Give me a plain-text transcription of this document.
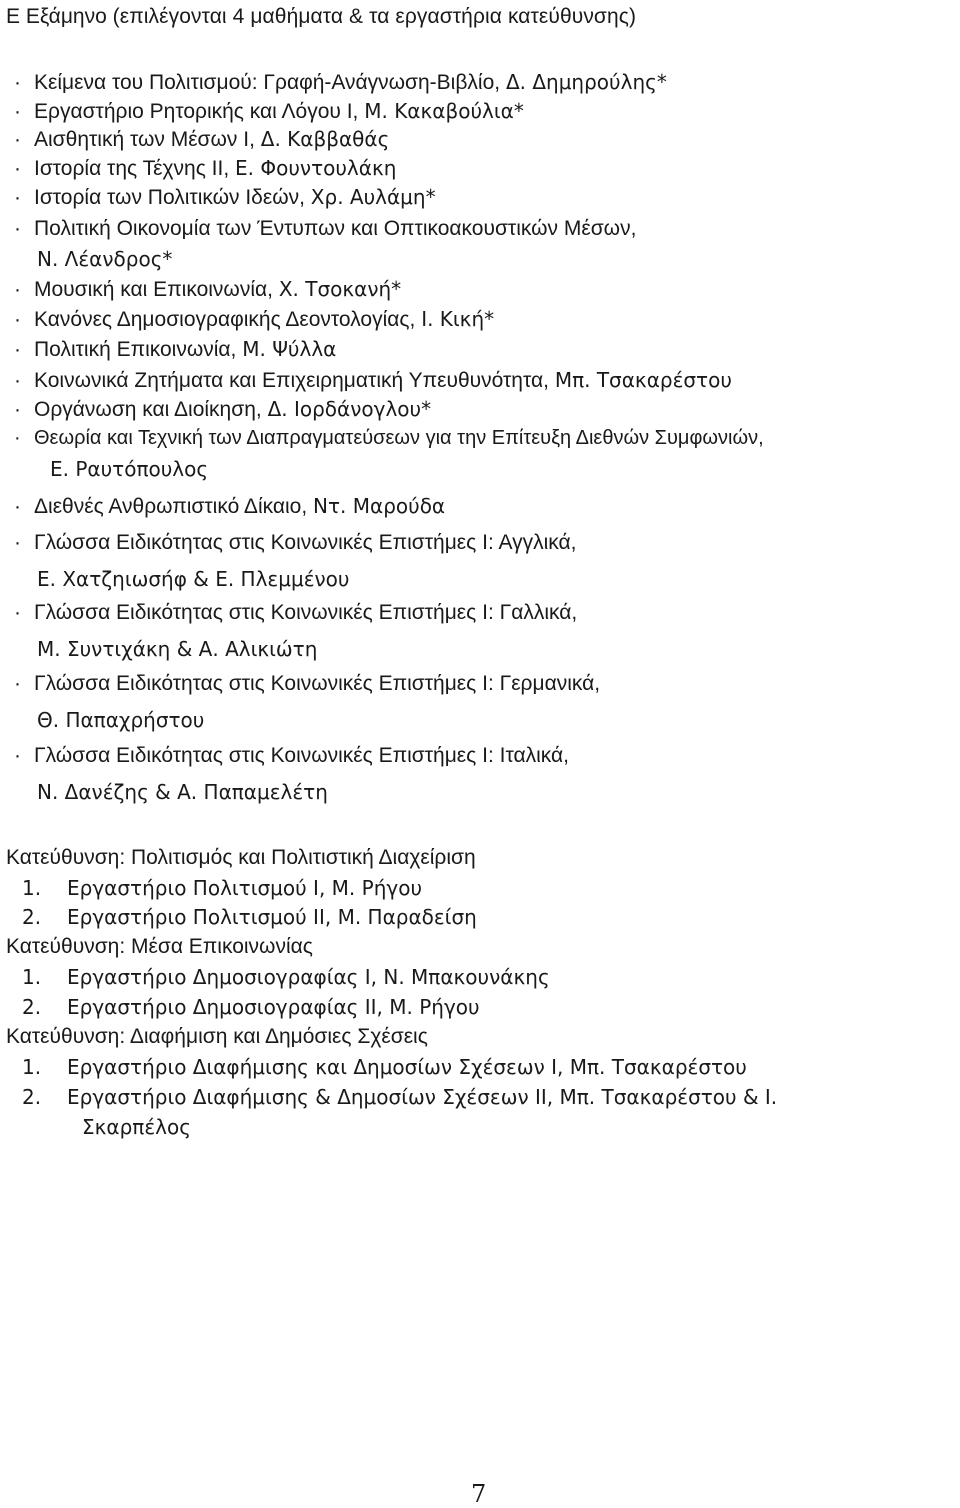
Ε Εξάμηνο (επιλέγονται 4 μαθήματα & τα εργαστήρια κατεύθυνσης)
· Κείμενα του Πολιτισμού: Γραφή-Ανάγνωση-Βιβλίο, Δ. Δημηρούλης*
· Εργαστήριο Ρητορικής και Λόγου Ι, Μ. Κακαβούλια*
· Αισθητική των Μέσων Ι, Δ. Καββαθάς
· Ιστορία της Τέχνης ΙΙ, Ε. Φουντουλάκη
· Ιστορία των Πολιτικών Ιδεών, Χρ. Αυλάμη*
· Πολιτική Οικονομία των Έντυπων και Οπτικοακουστικών Μέσων,
Ν. Λέανδρος*
· Μουσική και Επικοινωνία, Χ. Τσοκανή*
· Κανόνες Δημοσιογραφικής Δεοντολογίας, Ι. Κική*
· Πολιτική Επικοινωνία, Μ. Ψύλλα
· Κοινωνικά Ζητήματα και Επιχειρηματική Υπευθυνότητα, Μπ. Τσακαρέστου
· Οργάνωση και Διοίκηση, Δ. Ιορδάνογλου*
· Θεωρία και Τεχνική των Διαπραγματεύσεων για την Επίτευξη Διεθνών Συμφωνιών,
Ε. Ραυτόπουλος
· Διεθνές Ανθρωπιστικό Δίκαιο, Ντ. Μαρούδα
· Γλώσσα Ειδικότητας στις Κοινωνικές Επιστήμες Ι: Αγγλικά,
Ε. Χατζηιωσήφ & Ε. Πλεμμένου
· Γλώσσα Ειδικότητας στις Κοινωνικές Επιστήμες Ι: Γαλλικά,
Μ. Συντιχάκη & Α. Αλικιώτη
· Γλώσσα Ειδικότητας στις Κοινωνικές Επιστήμες Ι: Γερμανικά,
Θ. Παπαχρήστου
· Γλώσσα Ειδικότητας στις Κοινωνικές Επιστήμες Ι: Ιταλικά,
Ν. Δανέζης & Α. Παπαμελέτη
Κατεύθυνση: Πολιτισμός και Πολιτιστική Διαχείριση
1. Εργαστήριο Πολιτισμού Ι, Μ. Ρήγου
2. Εργαστήριο Πολιτισμού ΙΙ, Μ. Παραδείση
Κατεύθυνση: Μέσα Επικοινωνίας
1. Εργαστήριο Δημοσιογραφίας Ι, Ν. Μπακουνάκης
2. Εργαστήριο Δημοσιογραφίας ΙΙ, Μ. Ρήγου
Κατεύθυνση: Διαφήμιση και Δημόσιες Σχέσεις
1. Εργαστήριο Διαφήμισης και Δημοσίων Σχέσεων Ι, Μπ. Τσακαρέστου
2. Εργαστήριο Διαφήμισης & Δημοσίων Σχέσεων ΙΙ, Μπ. Τσακαρέστου & Ι.
Σκαρπέλος
7
